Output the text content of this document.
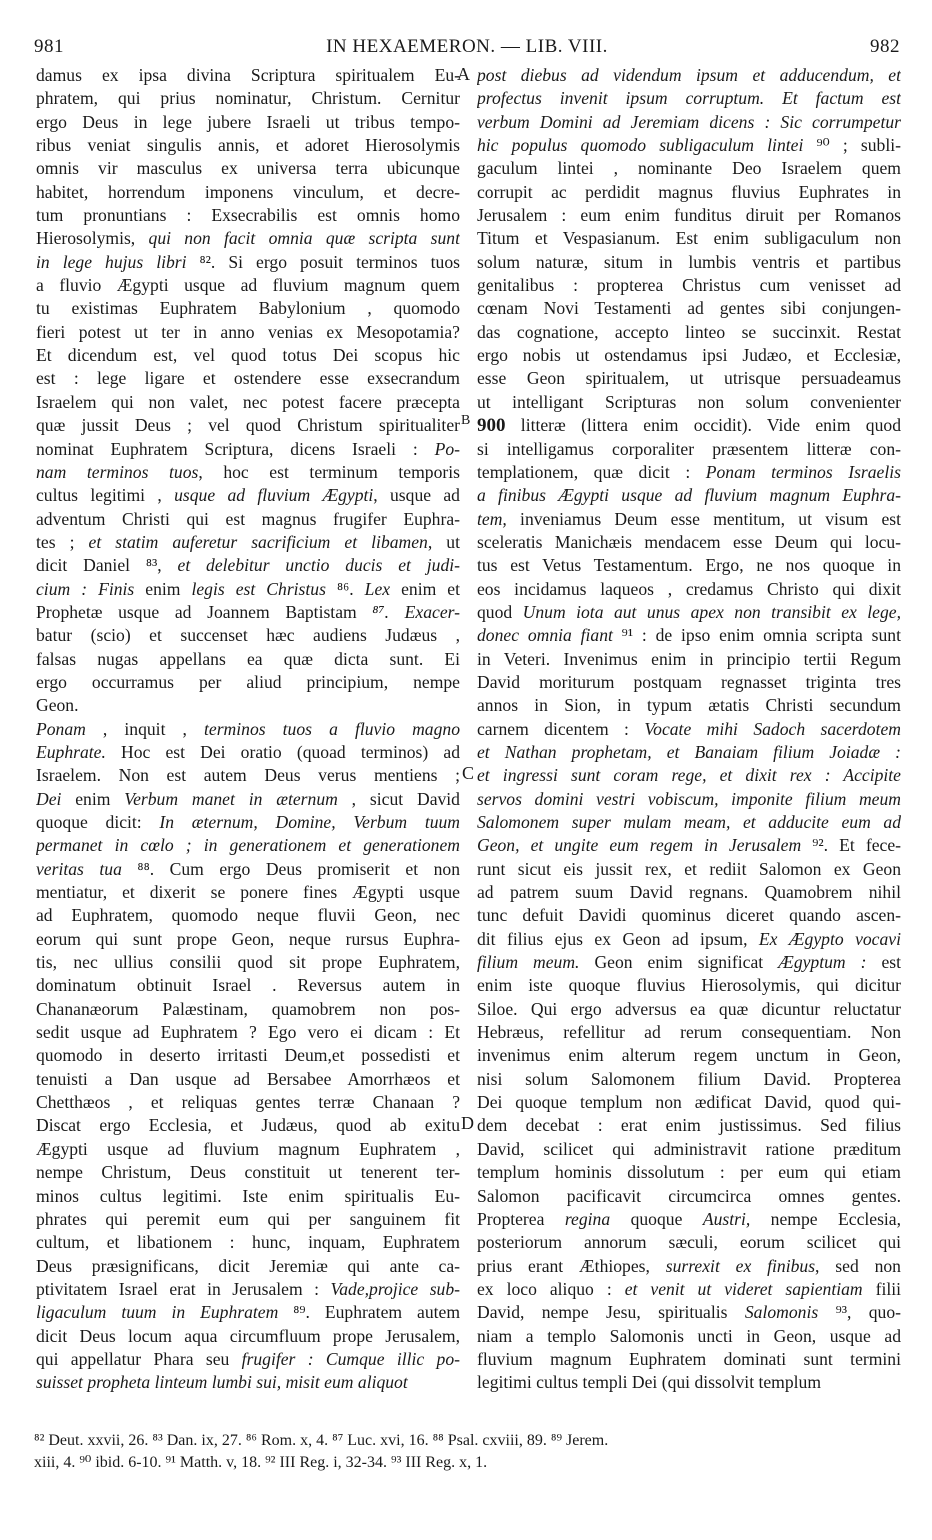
981	IN HEXAEMERON. — LIB. VIII.	982
damus ex ipsa divina Scriptura spiritualem Eu-
phratem, qui prius nominatur, Christum. Cernitur
ergo Deus in lege jubere Israeli ut tribus tempo-
ribus veniat singulis annis, et adoret Hierosolymis
omnis vir masculus ex universa terra ubicunque
habitet, horrendum imponens vinculum, et decre-
tum pronuntians : Exsecrabilis est omnis homo
Hierosolymis, qui non facit omnia quæ scripta sunt
in lege hujus libri ⁸². Si ergo posuit terminos tuos
a fluvio Ægypti usque ad fluvium magnum quem
tu existimas Euphratem Babylonium , quomodo
fieri potest ut ter in anno venias ex Mesopotamia?
Et dicendum est, vel quod totus Dei scopus hic
est : lege ligare et ostendere esse exsecrandum
Israelem qui non valet, nec potest facere præcepta
quæ jussit Deus ; vel quod Christum spiritualiter
nominat Euphratem Scriptura, dicens Israeli : Po-
nam terminos tuos, hoc est terminum temporis
cultus legitimi , usque ad fluvium Ægypti, usque ad
adventum Christi qui est magnus frugifer Euphra-
tes ; et statim auferetur sacrificium et libamen, ut
dicit Daniel ⁸³, et delebitur unctio ducis et judi-
cium : Finis enim legis est Christus ⁸⁶. Lex enim et
Prophetæ usque ad Joannem Baptistam ⁸⁷. Exacer-
batur (scio) et succenset hæc audiens Judæus ,
falsas nugas appellans ea quæ dicta sunt. Ei
ergo occurramus per aliud principium, nempe
Geon.
Ponam , inquit , terminos tuos a fluvio magno
Euphrate. Hoc est Dei oratio (quoad terminos) ad
Israelem. Non est autem Deus verus mentiens ;
Dei enim Verbum manet in æternum , sicut David
quoque dicit: In æternum, Domine, Verbum tuum
permanet in cœlo ; in generationem et generationem
veritas tua ⁸⁸. Cum ergo Deus promiserit et non
mentiatur, et dixerit se ponere fines Ægypti usque
ad Euphratem, quomodo neque fluvii Geon, nec
eorum qui sunt prope Geon, neque rursus Euphra-
tis, nec ullius consilii quod sit prope Euphratem,
dominatum obtinuit Israel . Reversus autem in
Chananæorum Palæstinam, quamobrem non pos-
sedit usque ad Euphratem ? Ego vero ei dicam : Et
quomodo in deserto irritasti Deum,et possedisti et
tenuisti a Dan usque ad Bersabee Amorrhæos et
Chetthæos , et reliquas gentes terræ Chanaan ?
Discat ergo Ecclesia, et Judæus, quod ab exitu
Ægypti usque ad fluvium magnum Euphratem ,
nempe Christum, Deus constituit ut tenerent ter-
minos cultus legitimi. Iste enim spiritualis Eu-
phrates qui peremit eum qui per sanguinem fit
cultum, et libationem : hunc, inquam, Euphratem
Deus præsignificans, dicit Jeremiæ qui ante ca-
ptivitatem Israel erat in Jerusalem : Vade,projice sub-
ligaculum tuum in Euphratem ⁸⁹. Euphratem autem
dicit Deus locum aqua circumfluum prope Jerusalem,
qui appellatur Phara seu frugifer : Cumque illic po-
suisset propheta linteum lumbi sui, misit eum aliquot
post diebus ad videndum ipsum et adducendum, et
profectus invenit ipsum corruptum. Et factum est
verbum Domini ad Jeremiam dicens : Sic corrumpetur
hic populus quomodo subligaculum lintei ⁹⁰ ; subli-
gaculum lintei , nominante Deo Israelem quem
corrupit ac perdidit magnus fluvius Euphrates in
Jerusalem : eum enim funditus diruit per Romanos
Titum et Vespasianum. Est enim subligaculum non
solum naturæ, situm in lumbis ventris et partibus
genitalibus : propterea Christus cum venisset ad
cœnam Novi Testamenti ad gentes sibi conjungen-
das cognatione, accepto linteo se succinxit. Restat
ergo nobis ut ostendamus ipsi Judæo, et Ecclesiæ,
esse Geon spiritualem, ut utrisque persuadeamus
ut intelligant Scripturas non solum convenienter
900 litteræ (littera enim occidit). Vide enim quod
si intelligamus corporaliter præsentem litteræ con-
templationem, quæ dicit : Ponam terminos Israelis
a finibus Ægypti usque ad fluvium magnum Euphra-
tem, inveniamus Deum esse mentitum, ut visum est
sceleratis Manichæis mendacem esse Deum qui locu-
tus est Vetus Testamentum. Ergo, ne nos quoque in
eos incidamus laqueos , credamus Christo qui dixit
quod Unum iota aut unus apex non transibit ex lege,
donec omnia fiant ⁹¹ : de ipso enim omnia scripta sunt
in Veteri. Invenimus enim in principio tertii Regum
David moriturum postquam regnasset triginta tres
annos in Sion, in typum ætatis Christi secundum
carnem dicentem : Vocate mihi Sadoch sacerdotem
et Nathan prophetam, et Banaiam filium Joiadæ :
et ingressi sunt coram rege, et dixit rex : Accipite
servos domini vestri vobiscum, imponite filium meum
Salomonem super mulam meam, et adducite eum ad
Geon, et ungite eum regem in Jerusalem ⁹². Et fece-
runt sicut eis jussit rex, et rediit Salomon ex Geon
ad patrem suum David regnans. Quamobrem nihil
tunc defuit Davidi quominus diceret quando ascen-
dit filius ejus ex Geon ad ipsum, Ex Ægypto vocavi
filium meum. Geon enim significat Ægyptum : est
enim iste quoque fluvius Hierosolymis, qui dicitur
Siloe. Qui ergo adversus ea quæ dicuntur reluctatur
Hebræus, refellitur ad rerum consequentiam. Non
invenimus enim alterum regem unctum in Geon,
nisi solum Salomonem filium David. Propterea
Dei quoque templum non ædificat David, quod qui-
dem decebat : erat enim justissimus. Sed filius
David, scilicet qui administravit ratione præditum
templum hominis dissolutum : per eum qui etiam
Salomon pacificavit circumcirca omnes gentes.
Propterea regina quoque Austri, nempe Ecclesia,
posteriorum annorum sæculi, eorum scilicet qui
prius erant Æthiopes, surrexit ex finibus, sed non
ex loco aliquo : et venit ut videret sapientiam filii
David, nempe Jesu, spiritualis Salomonis ⁹³, quo-
niam a templo Salomonis uncti in Geon, usque ad
fluvium magnum Euphratem dominati sunt termini
legitimi cultus templi Dei (qui dissolvit templum
A
B
C
D
⁸² Deut. xxvii, 26. ⁸³ Dan. ix, 27. ⁸⁶ Rom. x, 4. ⁸⁷ Luc. xvi, 16. ⁸⁸ Psal. cxviii, 89. ⁸⁹ Jerem.
xiii, 4. ⁹⁰ ibid. 6-10. ⁹¹ Matth. v, 18. ⁹² III Reg. i, 32-34. ⁹³ III Reg. x, 1.
